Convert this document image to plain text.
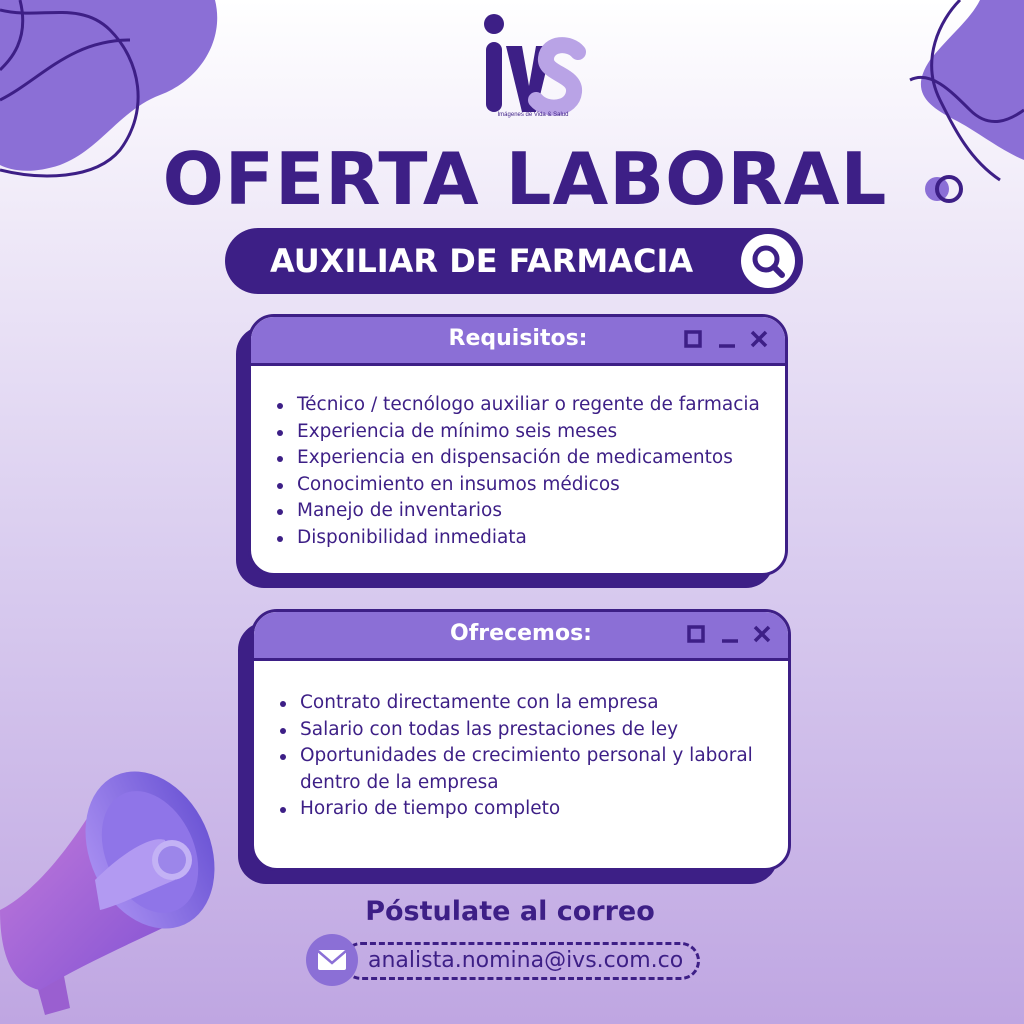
Imágenes de Vida & Salud
OFERTA LABORAL
AUXILIAR DE FARMACIA
Requisitos:
Técnico / tecnólogo auxiliar o regente de farmacia
Experiencia de mínimo seis meses
Experiencia en dispensación de medicamentos
Conocimiento en insumos médicos
Manejo de inventarios
Disponibilidad inmediata
Ofrecemos:
Contrato directamente con la empresa
Salario con todas las prestaciones de ley
Oportunidades de crecimiento personal y laboral
dentro de la empresa
Horario de tiempo completo
Póstulate al correo
analista.nomina@ivs.com.co
